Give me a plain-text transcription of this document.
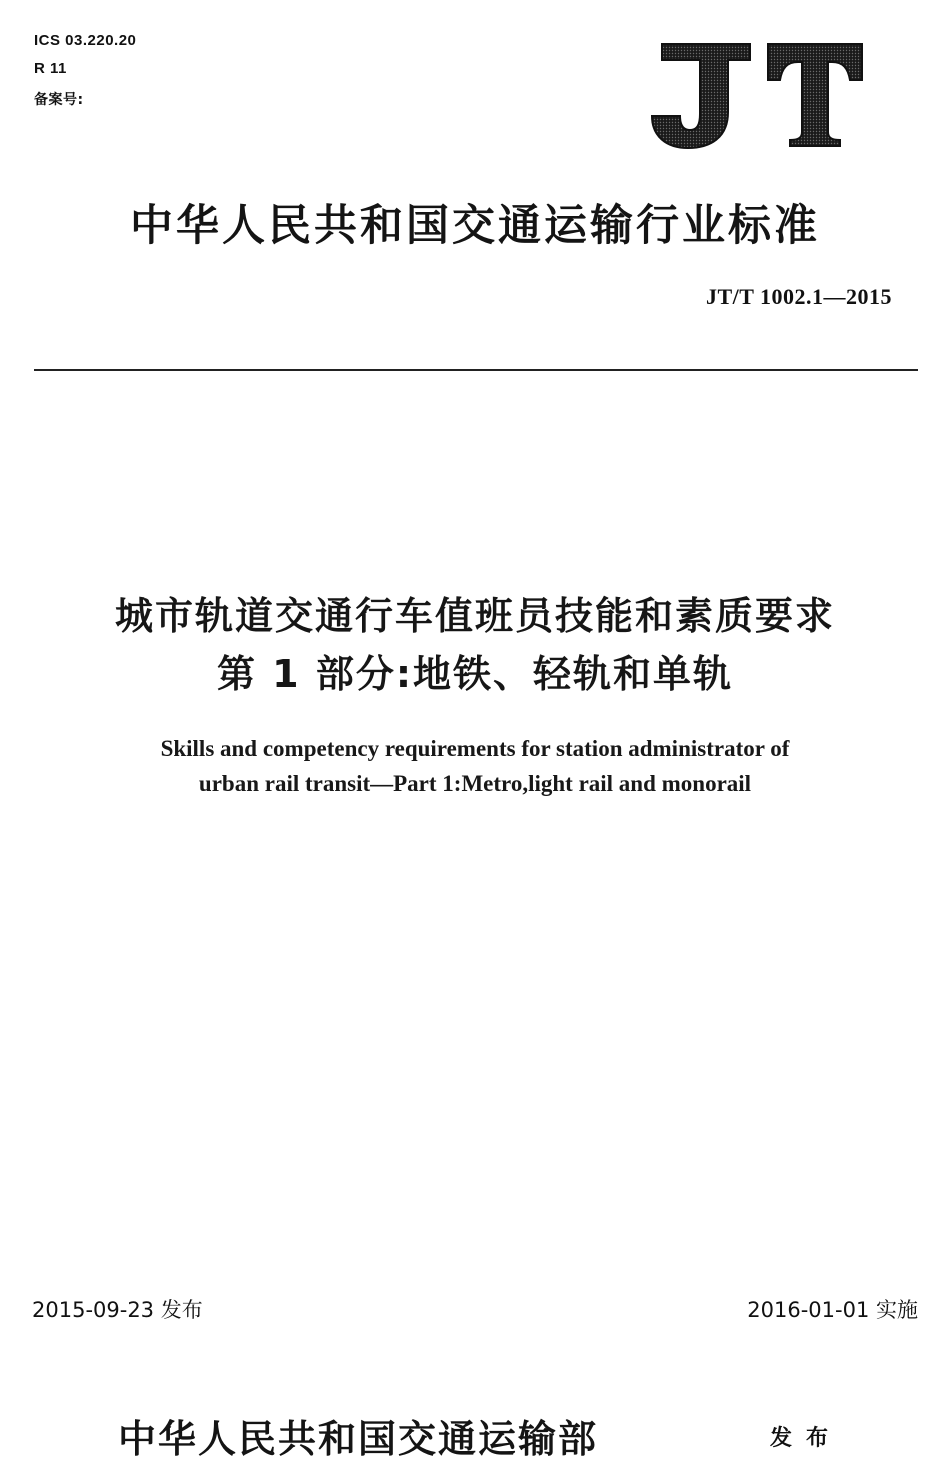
ICS 03.220.20
R 11
备案号:
中华人民共和国交通运输行业标准
JT/T 1002.1—2015
城市轨道交通行车值班员技能和素质要求
第 1 部分:地铁、轻轨和单轨
Skills and competency requirements for station administrator of
urban rail transit—Part 1:Metro,light rail and monorail
2015-09-23 发布	2016-01-01 实施
中华人民共和国交通运输部	发布
